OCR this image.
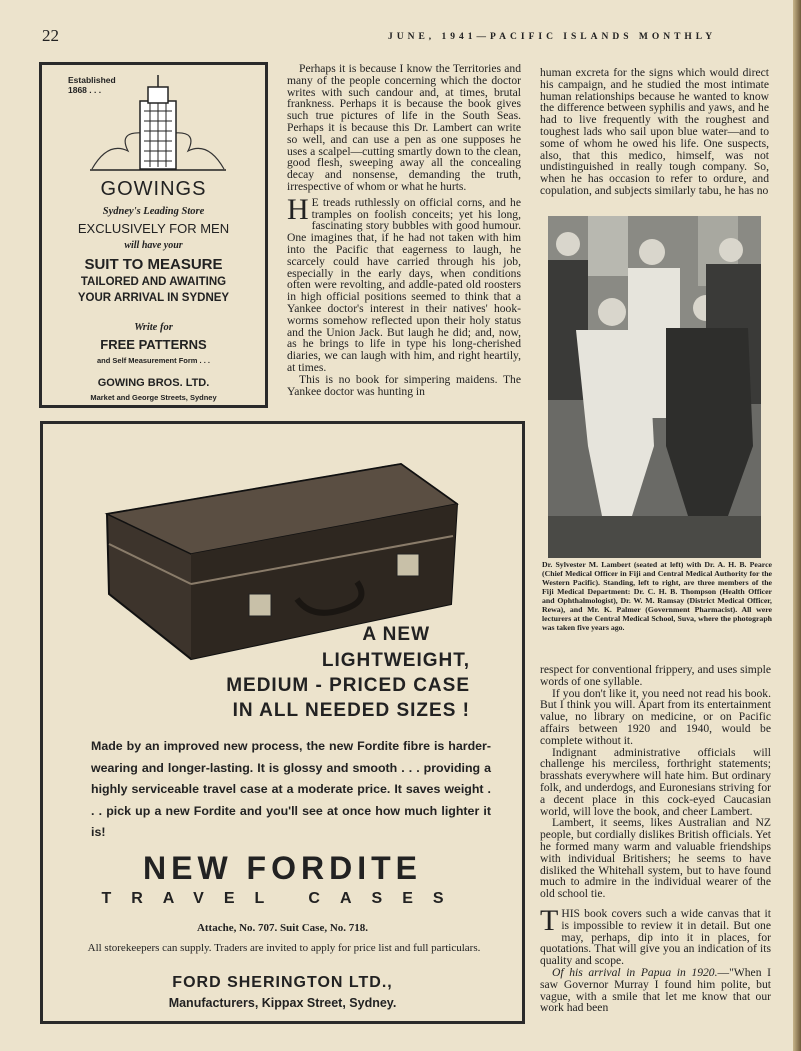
22	JUNE, 1941—PACIFIC ISLANDS MONTHLY
Established
1868 . . .
GOWINGS
Sydney's Leading Store
EXCLUSIVELY FOR MEN
will have your
SUIT TO MEASURE
TAILORED AND AWAITING
YOUR ARRIVAL IN SYDNEY
Write for
FREE PATTERNS
and Self Measurement Form . . .
GOWING BROS. LTD.
Market and George Streets, Sydney

Perhaps it is because I know the Territories and many of the people concerning which the doctor writes with such candour and, at times, brutal frankness. Perhaps it is because the book gives such true pictures of life in the South Seas. Perhaps it is because this Dr. Lambert can write so well, and can use a pen as one supposes he uses a scalpel—cutting smartly down to the clean, good flesh, sweeping away all the concealing decay and nonsense, demanding the truth, irrespective of whom or what he hurts.

H E treads ruthlessly on official corns, and he tramples on foolish conceits; yet his long, fascinating story bubbles with good humour. One imagines that, if he had not taken with him into the Pacific that eagerness to laugh, he scarcely could have carried through his job, especially in the early days, when conditions often were revolting, and addle-pated old roosters in high official positions seemed to think that a Yankee doctor's interest in their natives' hook-worms somehow reflected upon their holy status and the Union Jack. But laugh he did; and, now, as he brings to life in type his long-cherished diaries, we can laugh with him, and right heartily, at times.

This is no book for simpering maidens. The Yankee doctor was hunting in

human excreta for the signs which would direct his campaign, and he studied the most intimate human relationships because he wanted to know the difference between syphilis and yaws, and he had to live frequently with the roughest and toughest lads who sail upon blue water—and to some of whom he owed his life. One suspects, also, that this medico, himself, was not undistinguished in really tough company. So, when he has occasion to refer to ordure, and copulation, and subjects similarly tabu, he has no

Dr. Sylvester M. Lambert (seated at left) with Dr. A. H. B. Pearce (Chief Medical Officer in Fiji and Central Medical Authority for the Western Pacific). Standing, left to right, are three members of the Fiji Medical Department: Dr. C. H. B. Thompson (Health Officer and Ophthalmologist), Dr. W. M. Ramsay (District Medical Officer, Rewa), and Mr. K. Palmer (Government Pharmacist). All were lecturers at the Central Medical School, Suva, where the photograph was taken five years ago.

respect for conventional frippery, and uses simple words of one syllable.

If you don't like it, you need not read his book. But I think you will. Apart from its entertainment value, no library on medicine, or on Pacific affairs between 1920 and 1940, would be complete without it.

Indignant administrative officials will challenge his merciless, forthright statements; brasshats everywhere will hate him. But ordinary folk, and underdogs, and Euronesians striving for a decent place in this cock-eyed Caucasian world, will love the book, and cheer Lambert.

Lambert, it seems, likes Australian and NZ people, but cordially dislikes British officials. Yet he formed many warm and valuable friendships with individual Britishers; he seems to have disliked the Whitehall system, but to have found much to admire in the individual wearer of the old school tie.

THIS book covers such a wide canvas that it is impossible to review it in detail. But one may, perhaps, dip into it in places, for quotations. That will give you an indication of its quality and scope.

Of his arrival in Papua in 1920.—"When I saw Governor Murray I found him polite, but vague, with a smile that let me know that our work had been

A NEW
LIGHTWEIGHT,
MEDIUM - PRICED CASE
IN ALL NEEDED SIZES !
Made by an improved new process, the new Fordite fibre is harder-wearing and longer-lasting. It is glossy and smooth . . . providing a highly serviceable travel case at a moderate price. It saves weight . . . pick up a new Fordite and you'll see at once how much lighter it is!
NEW FORDITE
TRAVEL CASES
Attache, No. 707. Suit Case, No. 718.
All storekeepers can supply. Traders are invited to apply for price list and full particulars.
FORD SHERINGTON LTD.,
Manufacturers, Kippax Street, Sydney.
